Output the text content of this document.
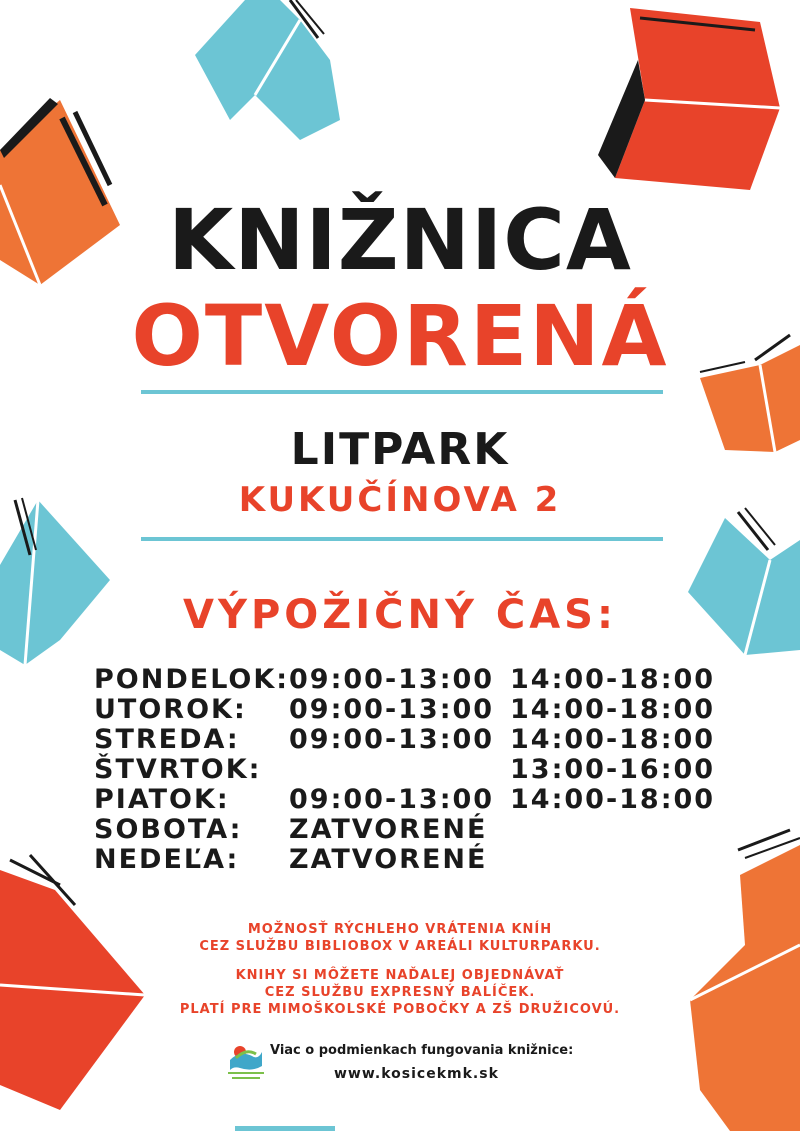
KNIŽNICA
OTVORENÁ
LITPARK
KUKUČÍNOVA 2
VÝPOŽIČNÝ ČAS:
PONDELOK: 09:00-13:00 14:00-18:00
UTOROK: 09:00-13:00 14:00-18:00
STREDA: 09:00-13:00 14:00-18:00
ŠTVRTOK:	13:00-16:00
PIATOK: 09:00-13:00 14:00-18:00
SOBOTA: ZATVORENÉ
NEDEĽA: ZATVORENÉ
MOŽNOSŤ RÝCHLEHO VRÁTENIA KNÍH
CEZ SLUŽBU BIBLIOBOX V AREÁLI KULTURPARKU.
KNIHY SI MÔŽETE NAĎALEJ OBJEDNÁVAŤ
CEZ SLUŽBU EXPRESNÝ BALÍČEK.
PLATÍ PRE MIMOŠKOLSKÉ POBOČKY A ZŠ DRUŽICOVÚ.
Viac o podmienkach fungovania knižnice:
www.kosicekmk.sk
